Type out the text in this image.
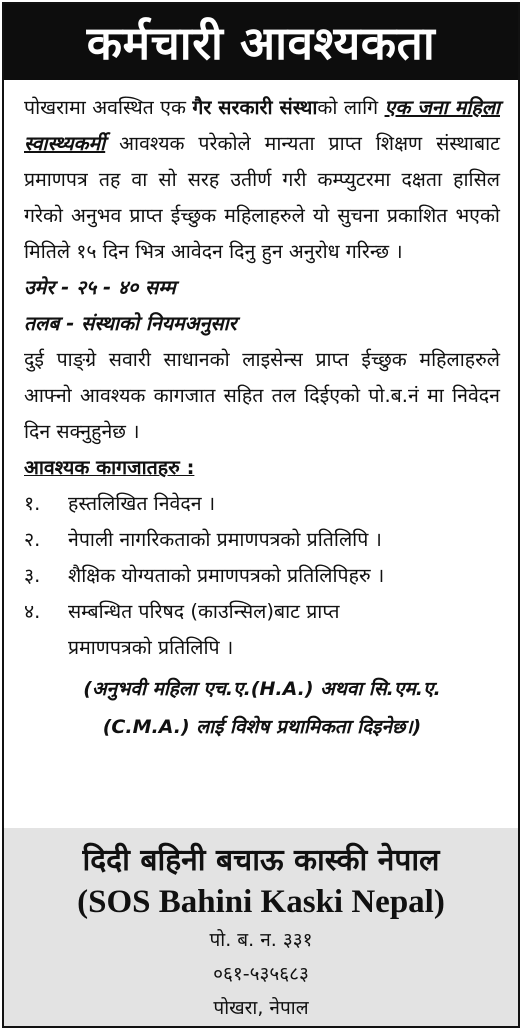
कर्मचारी आवश्यकता

पोखरामा अवस्थित एक गैर सरकारी संस्थाको लागि एक जना महिला स्वास्थ्यकर्मी आवश्यक परेकोले मान्यता प्राप्त शिक्षण संस्थाबाट प्रमाणपत्र तह वा सो सरह उतीर्ण गरी कम्प्युटरमा दक्षता हासिल गरेको अनुभव प्राप्त ईच्छुक महिलाहरुले यो सुचना प्रकाशित भएको मितिले १५ दिन भित्र आवेदन दिनु हुन अनुरोध गरिन्छ ।

उमेर - २५ - ४० सम्म
तलब - संस्थाको नियमअनुसार

दुई पाङ्ग्रे सवारी साधानको लाइसेन्स प्राप्त ईच्छुक महिलाहरुले आफ्नो आवश्यक कागजात सहित तल दिईएको पो.ब.नं मा निवेदन दिन सक्नुहुनेछ ।

आवश्यक कागजातहरु :
१.	हस्तलिखित निवेदन ।
२.	नेपाली नागरिकताको प्रमाणपत्रको प्रतिलिपि ।
३.	शैक्षिक योग्यताको प्रमाणपत्रको प्रतिलिपिहरु ।
४.	सम्बन्धित परिषद (काउन्सिल)बाट प्राप्त
प्रमाणपत्रको प्रतिलिपि ।
(अनुभवी महिला एच.ए.(H.A.) अथवा सि.एम.ए.
(C.M.A.) लाई विशेष प्रथामिकता दिइनेछ।)
दिदी बहिनी बचाऊ कास्की नेपाल
(SOS Bahini Kaski Nepal)
पो. ब. न. ३३१
०६१-५३५६८३
पोखरा, नेपाल
